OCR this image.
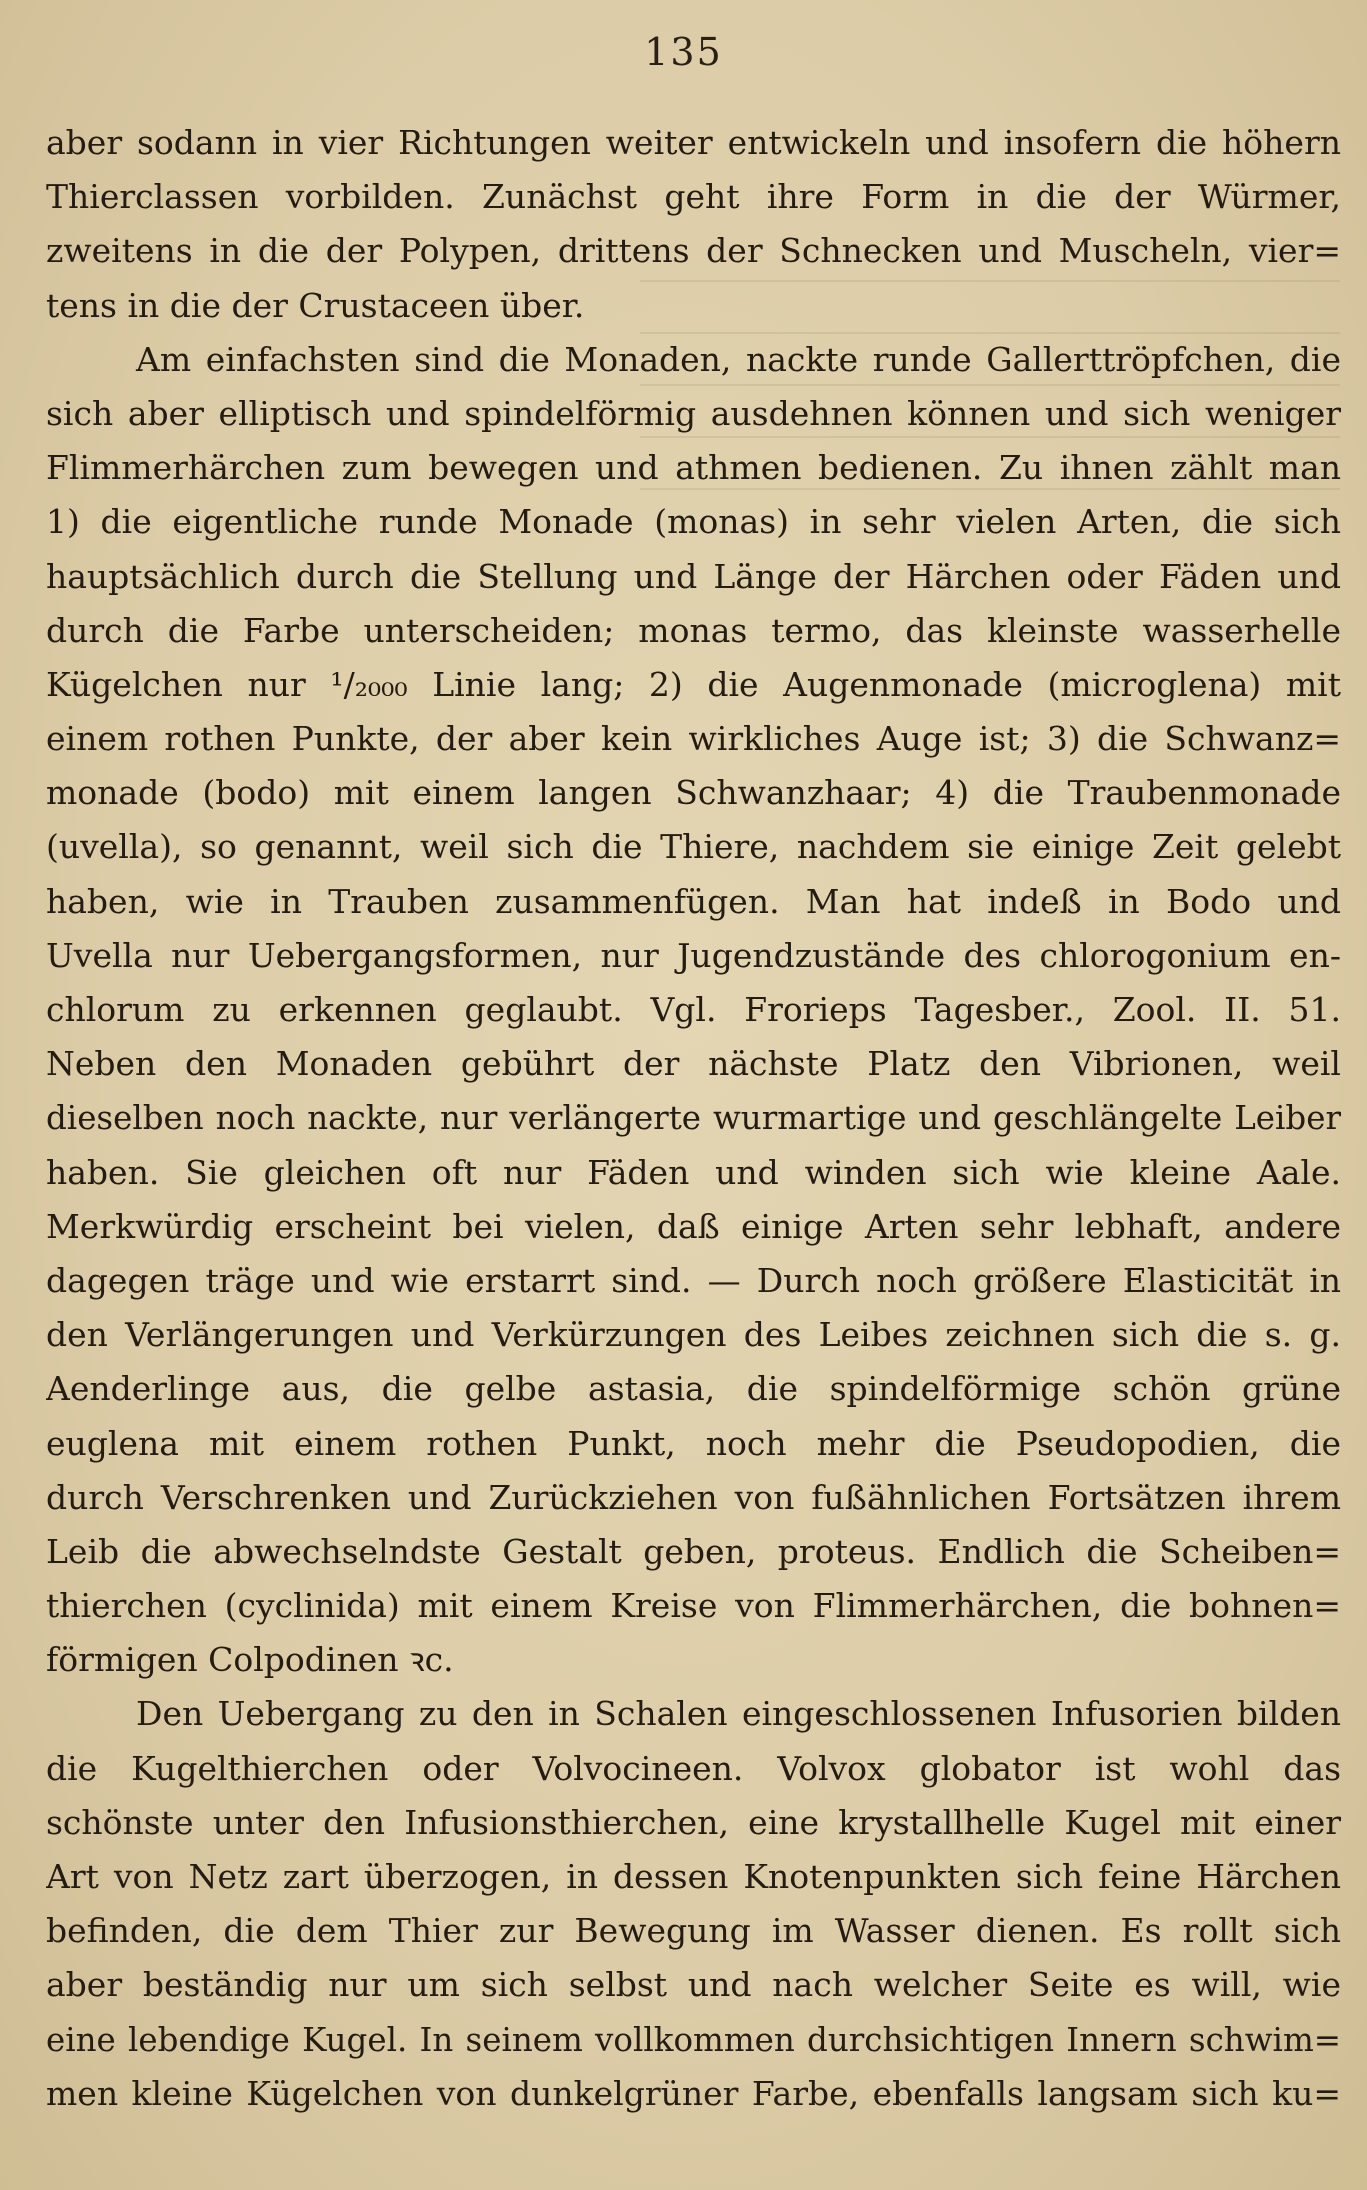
135
aber sodann in vier Richtungen weiter entwickeln und insofern die höhern
Thierclassen vorbilden. Zunächst geht ihre Form in die der Würmer,
zweitens in die der Polypen, drittens der Schnecken und Muscheln, vier=
tens in die der Crustaceen über.
Am einfachsten sind die Monaden, nackte runde Gallerttröpfchen, die
sich aber elliptisch und spindelförmig ausdehnen können und sich weniger
Flimmerhärchen zum bewegen und athmen bedienen. Zu ihnen zählt man
1) die eigentliche runde Monade (monas) in sehr vielen Arten, die sich
hauptsächlich durch die Stellung und Länge der Härchen oder Fäden und
durch die Farbe unterscheiden; monas termo, das kleinste wasserhelle
Kügelchen nur ¹/₂₀₀₀ Linie lang; 2) die Augenmonade (microglena) mit
einem rothen Punkte, der aber kein wirkliches Auge ist; 3) die Schwanz=
monade (bodo) mit einem langen Schwanzhaar; 4) die Traubenmonade
(uvella), so genannt, weil sich die Thiere, nachdem sie einige Zeit gelebt
haben, wie in Trauben zusammenfügen. Man hat indeß in Bodo und
Uvella nur Uebergangsformen, nur Jugendzustände des chlorogonium en-
chlorum zu erkennen geglaubt. Vgl. Frorieps Tagesber., Zool. II. 51.
Neben den Monaden gebührt der nächste Platz den Vibrionen, weil
dieselben noch nackte, nur verlängerte wurmartige und geschlängelte Leiber
haben. Sie gleichen oft nur Fäden und winden sich wie kleine Aale.
Merkwürdig erscheint bei vielen, daß einige Arten sehr lebhaft, andere
dagegen träge und wie erstarrt sind. — Durch noch größere Elasticität in
den Verlängerungen und Verkürzungen des Leibes zeichnen sich die s. g.
Aenderlinge aus, die gelbe astasia, die spindelförmige schön grüne
euglena mit einem rothen Punkt, noch mehr die Pseudopodien, die
durch Verschrenken und Zurückziehen von fußähnlichen Fortsätzen ihrem
Leib die abwechselndste Gestalt geben, proteus. Endlich die Scheiben=
thierchen (cyclinida) mit einem Kreise von Flimmerhärchen, die bohnen=
förmigen Colpodinen ꝛc.
Den Uebergang zu den in Schalen eingeschlossenen Infusorien bilden
die Kugelthierchen oder Volvocineen. Volvox globator ist wohl das
schönste unter den Infusionsthierchen, eine krystallhelle Kugel mit einer
Art von Netz zart überzogen, in dessen Knotenpunkten sich feine Härchen
befinden, die dem Thier zur Bewegung im Wasser dienen. Es rollt sich
aber beständig nur um sich selbst und nach welcher Seite es will, wie
eine lebendige Kugel. In seinem vollkommen durchsichtigen Innern schwim=
men kleine Kügelchen von dunkelgrüner Farbe, ebenfalls langsam sich ku=
